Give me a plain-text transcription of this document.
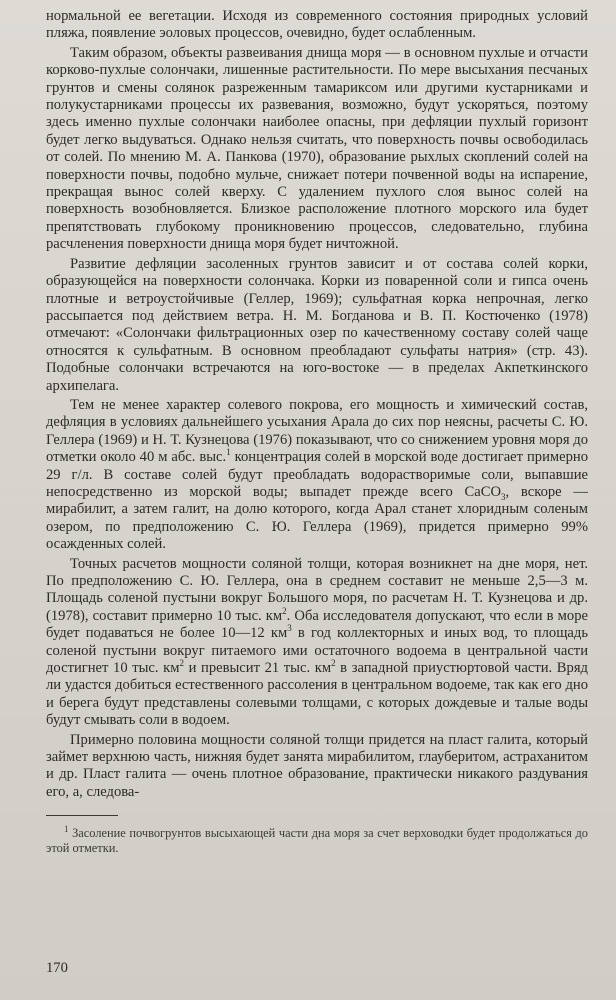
нормальной ее вегетации. Исходя из современного состояния природных условий пляжа, появление эоловых процессов, очевидно, будет ослабленным.

Таким образом, объекты развеивания днища моря — в основном пухлые и отчасти корково-пухлые солончаки, лишенные растительности. По мере высыхания песчаных грунтов и смены солянок разреженным тамариксом или другими кустарниками и полукустарниками процессы их развевания, возможно, будут ускоряться, поэтому здесь именно пухлые солончаки наиболее опасны, при дефляции пухлый горизонт будет легко выдуваться. Однако нельзя считать, что поверхность почвы освободилась от солей. По мнению М. А. Панкова (1970), образование рыхлых скоплений солей на поверхности почвы, подобно мульче, снижает потери почвенной воды на испарение, прекращая вынос солей кверху. С удалением пухлого слоя вынос солей на поверхность возобновляется. Близкое расположение плотного морского ила будет препятствовать глубокому проникновению процессов, следовательно, глубина расчленения поверхности днища моря будет ничтожной.

Развитие дефляции засоленных грунтов зависит и от состава солей корки, образующейся на поверхности солончака. Корки из поваренной соли и гипса очень плотные и ветроустойчивые (Геллер, 1969); сульфатная корка непрочная, легко рассыпается под действием ветра. Н. М. Богданова и В. П. Костюченко (1978) отмечают: «Солончаки фильтрационных озер по качественному составу солей чаще относятся к сульфатным. В основном преобладают сульфаты натрия» (стр. 43). Подобные солончаки встречаются на юго-востоке — в пределах Акпеткинского архипелага.

Тем не менее характер солевого покрова, его мощность и химический состав, дефляция в условиях дальнейшего усыхания Арала до сих пор неясны, расчеты С. Ю. Геллера (1969) и Н. Т. Кузнецова (1976) показывают, что со снижением уровня моря до отметки около 40 м абс. выс.$^1$ концентрация солей в морской воде достигает примерно 29 г/л. В составе солей будут преобладать водорастворимые соли, выпавшие непосредственно из морской воды; выпадет прежде всего CaCO$_3$, вскоре — мирабилит, а затем галит, на долю которого, когда Арал станет хлоридным соленым озером, по предположению С. Ю. Геллера (1969), придется примерно 99% осажденных солей.

Точных расчетов мощности соляной толщи, которая возникнет на дне моря, нет. По предположению С. Ю. Геллера, она в среднем составит не меньше 2,5—3 м. Площадь соленой пустыни вокруг Большого моря, по расчетам Н. Т. Кузнецова и др. (1978), составит примерно 10 тыс. $км^2$. Оба исследователя допускают, что если в море будет подаваться не более 10—12 $км^3$ в год коллекторных и иных вод, то площадь соленой пустыни вокруг питаемого ими остаточного водоема в центральной части достигнет 10 тыс. $км^2$ и превысит 21 тыс. $км^2$ в западной приустюртовой части. Вряд ли удастся добиться естественного рассоления в центральном водоеме, так как его дно и берега будут представлены солевыми толщами, с которых дождевые и талые воды будут смывать соли в водоем.

Примерно половина мощности соляной толщи придется на пласт галита, который займет верхнюю часть, нижняя будет занята мирабилитом, глауберитом, астраханитом и др. Пласт галита — очень плотное образование, практически никакого раздувания его, а, следова-

$^1$ Засоление почвогрунтов высыхающей части дна моря за счет верховодки будет продолжаться до этой отметки.

170
